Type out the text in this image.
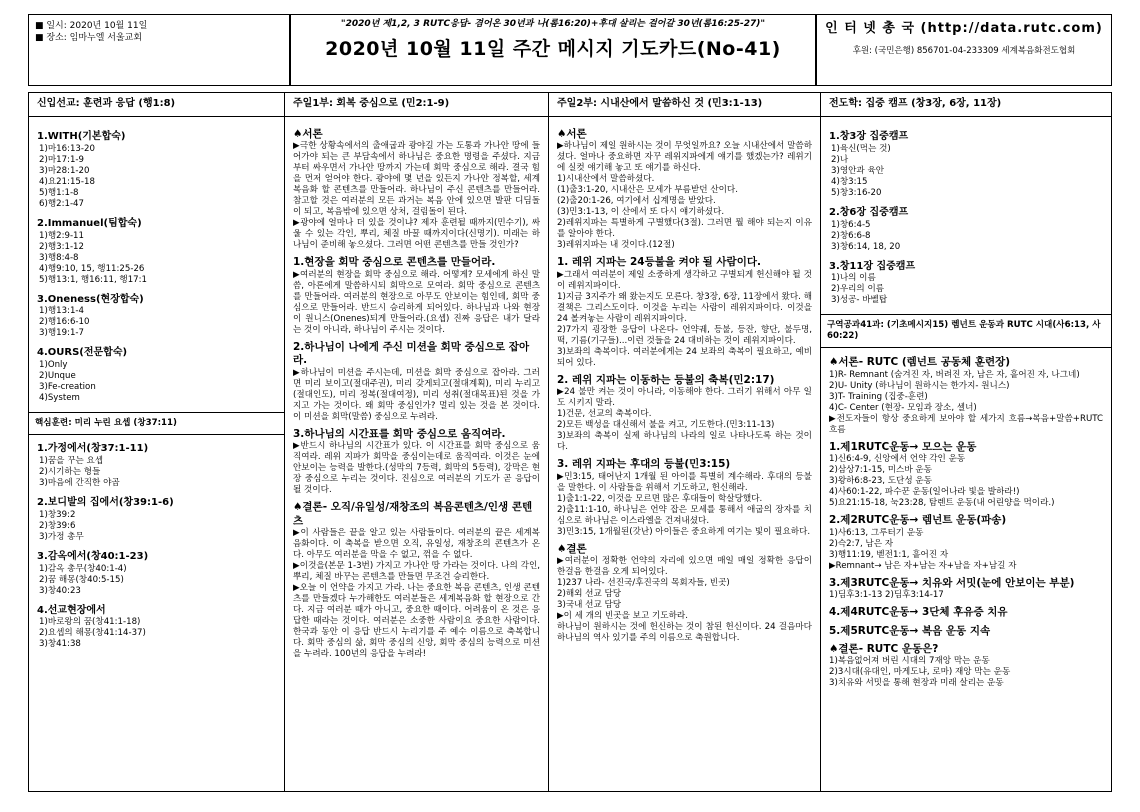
■ 일시: 2020년 10월 11일
■ 장소: 임마누엘 서울교회
"2020년 제1,2, 3 RUTC응답- 겸어온 30년과 나(롬16:20)+후대 살리는 걸어갈 30년(롬16:25-27)"
2020년 10월 11일 주간 메시지 기도카드(No-41)
인 터 넷 총 국 (http://data.rutc.com)
후원: (국민은행) 856701-04-233309 세계복음화전도협회
신입선교: 훈련과 응답 (행1:8)
1.WITH(기본합숙)
1)마16:13-20
2)마17:1-9
3)마28:1-20
4)요21:15-18
5)행1:1-8
6)행2:1-47
2.Immanuel(팀합숙)
1)행2:9-11
2)행3:1-12
3)행8:4-8
4)행9:10, 15, 행11:25-26
5)행13:1, 행16:11, 행17:1
3.Oneness(현장합숙)
1)행13:1-4
2)행16:6-10
3)행19:1-7
4.OURS(전문합숙)
1)Only
2)Unque
3)Fe-creation
4)System
핵심훈련: 미리 누린 요셉 (창37:11)
1.가정에서(창37:1-11)
1)꿈을 꾸는 요셉
2)시기하는 형들
3)마음에 간직한 야곱
2.보디발의 집에서(창39:1-6)
1)창39:2
2)창39:6
3)가정 총무
3.감옥에서(창40:1-23)
1)감옥 총무(창40:1-4)
2)꿈 해몽(창40:5-15)
3)창40:23
4.선교현장에서
1)바로왕의 꿈(창41:1-18)
2)요셉의 해몽(창41:14-37)
3)창41:38
주일1부: 회복 중심으로 (민2:1-9)
♠서론
▶극한 상황속에서의 출애굽과 광야길 가는 도통과 가나안 땅에 들어가야 되는 큰 부담속에서 하나님은 중요한 명령을 주셨다. 지금부터 싸우면서 가나안 땅까지 가는데 회막 중심으로 해라. 결국 힘을 먼저 얻어야 한다. 광야에 몇 년을 있든지 가나안 정복할, 세계복음화 할 콘텐츠를 만들어라. 하나님이 주신 콘텐츠를 만들어라. 참고할 것은 여러분의 모든 과거는 복음 안에 있으면 발판 디딤돌이 되고, 복음밖에 있으면 상처, 걸림돌이 된다.
▶광야에 얼마나 더 있을 것이냐? 제자 훈련될 때까지(민수기), 싸울 수 있는 각인, 뿌리, 체질 바꿀 때까지이다(신명기). 미래는 하나님이 준비해 놓으셨다. 그러면 어떤 콘텐츠를 만들 것인가?
1.현장을 회막 중심으로 콘텐츠를 만들어라.
▶여러분의 현장을 회막 중심으로 해라. 어떻게? 모세에게 하신 말씀, 아론에게 말씀하시되 회막으로 모여라. 회막 중심으로 콘텐츠를 만들어라. 여러분의 현장으로 아무도 안보이는 힘인데, 회막 중심으로 만들어라. 반드시 승리하게 되어있다. 하나님과 나와 현장이 원니스(Onenes)되게 만들어라.(요셉) 진짜 응답은 내가 달라는 것이 아니라, 하나님이 주시는 것이다.
2.하나님이 나에게 주신 미션을 회막 중심으로 잡아라.
▶하나님이 미션을 주시는데, 미션을 회막 중심으로 잡아라. 그러면 미리 보이고(절대주권), 미리 갖게되고(절대계획), 미리 누리고(절대인도), 미리 정복(절대여정), 미리 성취(절대목표)된 것을 가지고 가는 것이다. 왜 회막 중심인가? 멀리 있는 것을 본 것이다. 이 미션을 회막(말씀) 중심으로 누려라.
3.하나님의 시간표를 회막 중심으로 움직여라.
▶반드시 하나님의 시간표가 있다. 이 시간표를 회막 중심으로 움직여라. 레위 지파가 회막을 중심이는데로 움직여라. 이것은 눈에 안보이는 능력을 발한다.(성막의 7등력, 회막의 5등력), 강막은 현장 중심으로 누리는 것이다. 진심으로 여러분의 기도가 곧 응답이 될 것이다.
♠결론- 오직/유일성/재창조의 복음콘텐츠/인생 콘텐츠
▶이 사람들은 끝을 알고 있는 사람들이다. 여러분의 끝은 세계복음화이다. 이 축복을 받으면 오직, 유일성, 재창조의 콘텐츠가 온다. 아무도 여러분을 막을 수 없고, 꺾을 수 없다.
▶이것을(본문 1-3번) 가지고 가나안 땅 가라는 것이다. 나의 각인, 뿌리, 체질 바꾸는 콘텐츠를 만들면 무조건 승리한다.
▶오늘 이 언약을 가지고 가라. 나는 중요한 복음 콘텐츠, 인생 콘텐츠를 만들겠다 누가해한도 여러분들은 세계복음화 할 현장으로 간다. 지금 여러분 때가 아니고, 중요한 때이다. 어려움이 온 것은 응답한 때라는 것이다. 여러분은 소중한 사람이요 중요한 사람이다. 한국과 동안 이 응답 반드시 누리기를 주 예수 이름으로 축복합니다. 회막 중심의 삶, 회막 중심의 신앙, 회막 중심의 능력으로 미션을 누려라. 100년의 응답을 누려라!
주일2부: 시내산에서 말씀하신 것 (민3:1-13)
♠서론
▶하나님이 제일 원하시는 것이 무엇일까요? 오늘 시내산에서 말씀하셨다. 얼마나 중요하면 자꾸 레위지파에게 얘기를 했겠는가? 레위기에 실컷 얘기해 놓고 또 얘기를 하신다.
1)시내산에서 말씀하셨다.
(1)출3:1-20, 시내산은 모세가 부름받던 산이다.
(2)출20:1-26, 여기에서 십계명을 받았다.
(3)민3:1-13, 이 산에서 또 다시 얘기하셨다.
2)레위지파는 특별하게 구별했다(3절). 그러면 뭘 해야 되는지 이유를 알아야 한다.
3)레위지파는 내 것이다.(12절)
1. 레위 지파는 24등불을 켜야 될 사람이다.
▶그래서 여러분이 제일 소중하게 생각하고 구별되게 헌신해야 될 것이 레위지파이다.
1)지금 3지주가 왜 왔는지도 모른다. 창3장, 6장, 11장에서 왔다. 해결책은 그리스도이다. 이것을 누리는 사람이 레위지파이다. 이것을 24 볼켜놓는 사람이 레위지파이다.
2)7가지 굉장한 응답이 나온다- 언약궤, 등불, 등잔, 향단, 불두명, 떡, 기름(기구들)...이런 것들을 24 대비하는 것이 레위지파이다.
3)보좌의 축복이다. 여러분에게는 24 보좌의 축복이 필요하고, 예비되어 있다.
2. 레위 지파는 이동하는 등불의 축복(민2:17)
▶24 불만 켜는 것이 아니라, 이동해야 한다. 그러기 위해서 아무 일도 시키지 말라.
1)건문, 선교의 축복이다.
2)모든 백성을 대신해서 불을 켜고, 기도한다.(민3:11-13)
3)보좌의 축복이 실제 하나님의 나라의 일로 나타나도록 하는 것이다.
3. 레위 지파는 후대의 등불(민3:15)
▶민3:15, 태어난지 1개월 된 아이를 특별히 계수해라. 후대의 등불을 말한다. 이 사람들을 위해서 기도하고, 헌신해라.
1)출1:1-22, 이것을 모르면 많은 후대들이 학살당했다.
2)출11:1-10, 하나님은 언약 잡은 모세를 통해서 애굽의 장자를 치심으로 하나님은 이스라엘을 건져내셨다.
3)민3:15, 1개월된(갓난) 아이들은 중요하게 여기는 빛이 필요하다.
♠결론
▶여러분이 정확한 언약의 자리에 있으면 매일 매일 정확한 응답이 한걸음 한걸음 오게 되어있다.
1)237 나라- 선진국/후진국의 목회자들, 빈곳)
2)해외 선교 담당
3)국내 선교 담당
▶이 세 개의 빈곳을 보고 기도하라.
하나님이 원하시는 것에 헌신하는 것이 참된 헌신이다. 24 걸음마다 하나님의 역사 있기를 주의 이름으로 축원합니다.
전도학: 집중 캠프 (창3장, 6장, 11장)
1.창3장 집중캠프
1)육신(먹는 것)
2)나
3)영안과 육안
4)창3:15
5)창3:16-20
2.창6장 집중캠프
1)창6:4-5
2)창6:6-8
3)창6:14, 18, 20
3.창11장 집중캠프
1)나의 이름
2)우리의 이름
3)성공- 바벨탑
구역공과41과: (기초메시지15) 렘넌트 운동과 RUTC 시대(사6:13, 사60:22)
♠서론- RUTC (렘넌트 공동체 훈련장)
1)R- Remnant (숨겨진 자, 버려진 자, 남은 자, 흩어진 자, 나그네)
2)U- Unity (하나님이 원하시는 한가지- 원니스)
3)T- Training (집중-훈련)
4)C- Center (현장- 모임과 장소, 셀너)
▶전도자들이 항상 중요하게 보아야 할 세가지 흐름→복음+말씀+RUTC 흐름
1.제1RUTC운동→ 모으는 운동
1)신6:4-9, 신앙에서 언약 각인 운동
2)삼상7:1-15, 미스바 운동
3)왕하6:8-23, 도단성 운동
4)사60:1-22, 파수꾼 운동(일어나라 빛을 발하라!)
5)요21:15-18, 눅23:28, 탐렌트 운동(내 어린양을 먹이라.)
2.제2RUTC운동→ 렘넌트 운동(파송)
1)사6:13, 그루터기 운동
2)슥2:7, 남은 자
3)행11:19, 벧전1:1, 흩어진 자
▶Remnant→ 남은 자+남는 자+남을 자+남길 자
3.제3RUTC운동→ 치유와 서밋(눈에 안보이는 부분)
1)딤후3:1-13 2)딤후3:14-17
4.제4RUTC운동→ 3단체 후유증 치유
5.제5RUTC운동→ 복음 운동 지속
♠결론- RUTC 운동은?
1)복음없어져 버린 시대의 7재앙 막는 운동
2)3시대(유대인, 마게도냐, 로마) 재앙 막는 운동
3)치유와 서밋을 통해 현장과 미래 살리는 운동
